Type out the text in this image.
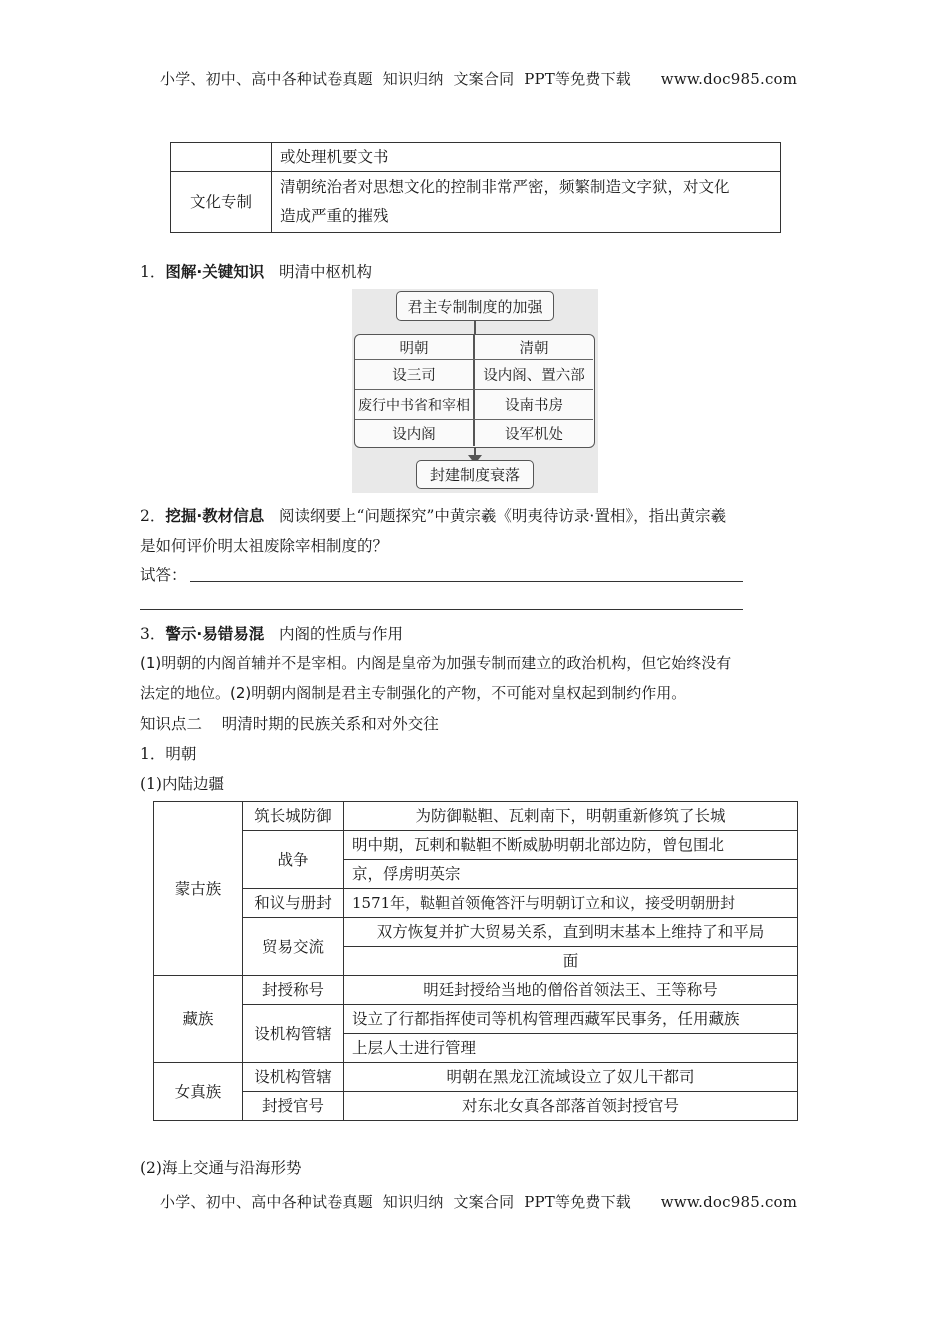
小学、初中、高中各种试卷真题  知识归纳  文案合同  PPT等免费下载      www.doc985.com
	或处理机要文书
文化专制	清朝统治者对思想文化的控制非常严密，频繁制造文字狱，对文化
造成严重的摧残
1．图解·关键知识 明清中枢机构
君主专制制度的加强
明朝	清朝
设三司	设内阁、置六部
废行中书省和宰相	设南书房
设内阁	设军机处
封建制度衰落
2．挖掘·教材信息 阅读纲要上“问题探究”中黄宗羲《明夷待访录·置相》，指出黄宗羲
是如何评价明太祖废除宰相制度的？
试答：
3．警示·易错易混 内阁的性质与作用
(1)明朝的内阁首辅并不是宰相。内阁是皇帝为加强专制而建立的政治机构，但它始终没有
法定的地位。(2)明朝内阁制是君主专制强化的产物，不可能对皇权起到制约作用。
知识点二    明清时期的民族关系和对外交往
1．明朝
(1)内陆边疆
蒙古族	筑长城防御	为防御鞑靼、瓦剌南下，明朝重新修筑了长城
	战争	明中期，瓦剌和鞑靼不断威胁明朝北部边防，曾包围北
		京，俘虏明英宗
	和议与册封	1571年，鞑靼首领俺答汗与明朝订立和议，接受明朝册封
	贸易交流	双方恢复并扩大贸易关系，直到明末基本上维持了和平局
		面
藏族	封授称号	明廷封授给当地的僧俗首领法王、王等称号
	设机构管辖	设立了行都指挥使司等机构管理西藏军民事务，任用藏族
		上层人士进行管理
女真族	设机构管辖	明朝在黑龙江流域设立了奴儿干都司
	封授官号	对东北女真各部落首领封授官号
(2)海上交通与沿海形势
小学、初中、高中各种试卷真题  知识归纳  文案合同  PPT等免费下载      www.doc985.com
